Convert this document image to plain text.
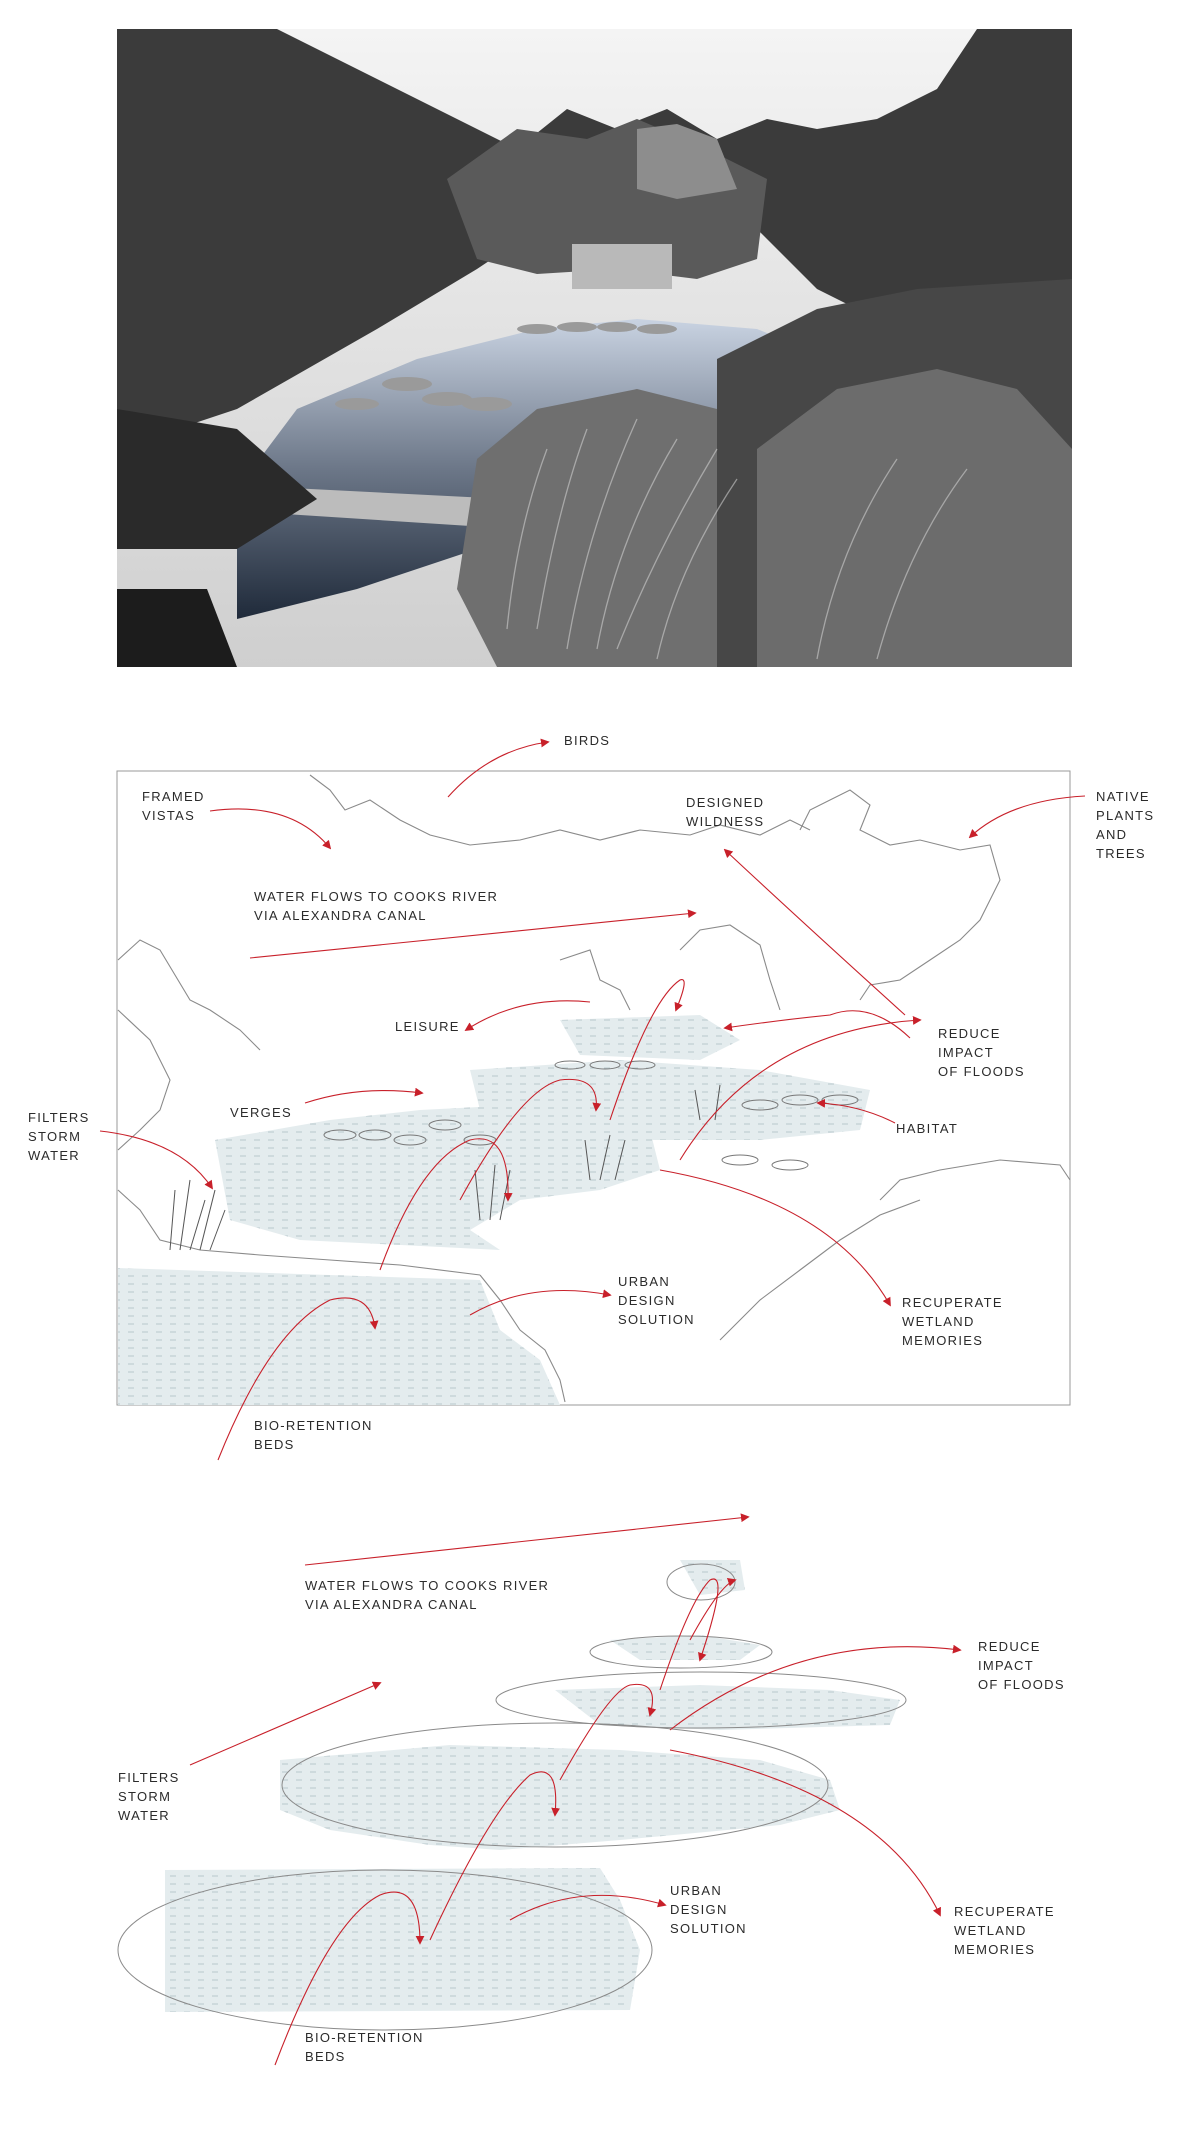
BIRDS
FRAMED
VISTAS
DESIGNED
WILDNESS
NATIVE
PLANTS
AND
TREES
WATER FLOWS TO COOKS RIVER
VIA ALEXANDRA CANAL
LEISURE	REDUCE
IMPACT
OF FLOODS
VERGES
HABITAT
FILTERS
STORM
WATER
URBAN
DESIGN
SOLUTION
RECUPERATE
WETLAND
MEMORIES
BIO-RETENTION
BEDS
WATER FLOWS TO COOKS RIVER
VIA ALEXANDRA CANAL
REDUCE
IMPACT
OF FLOODS
FILTERS
STORM
WATER
URBAN
DESIGN
SOLUTION
RECUPERATE
WETLAND
MEMORIES
BIO-RETENTION
BEDS
